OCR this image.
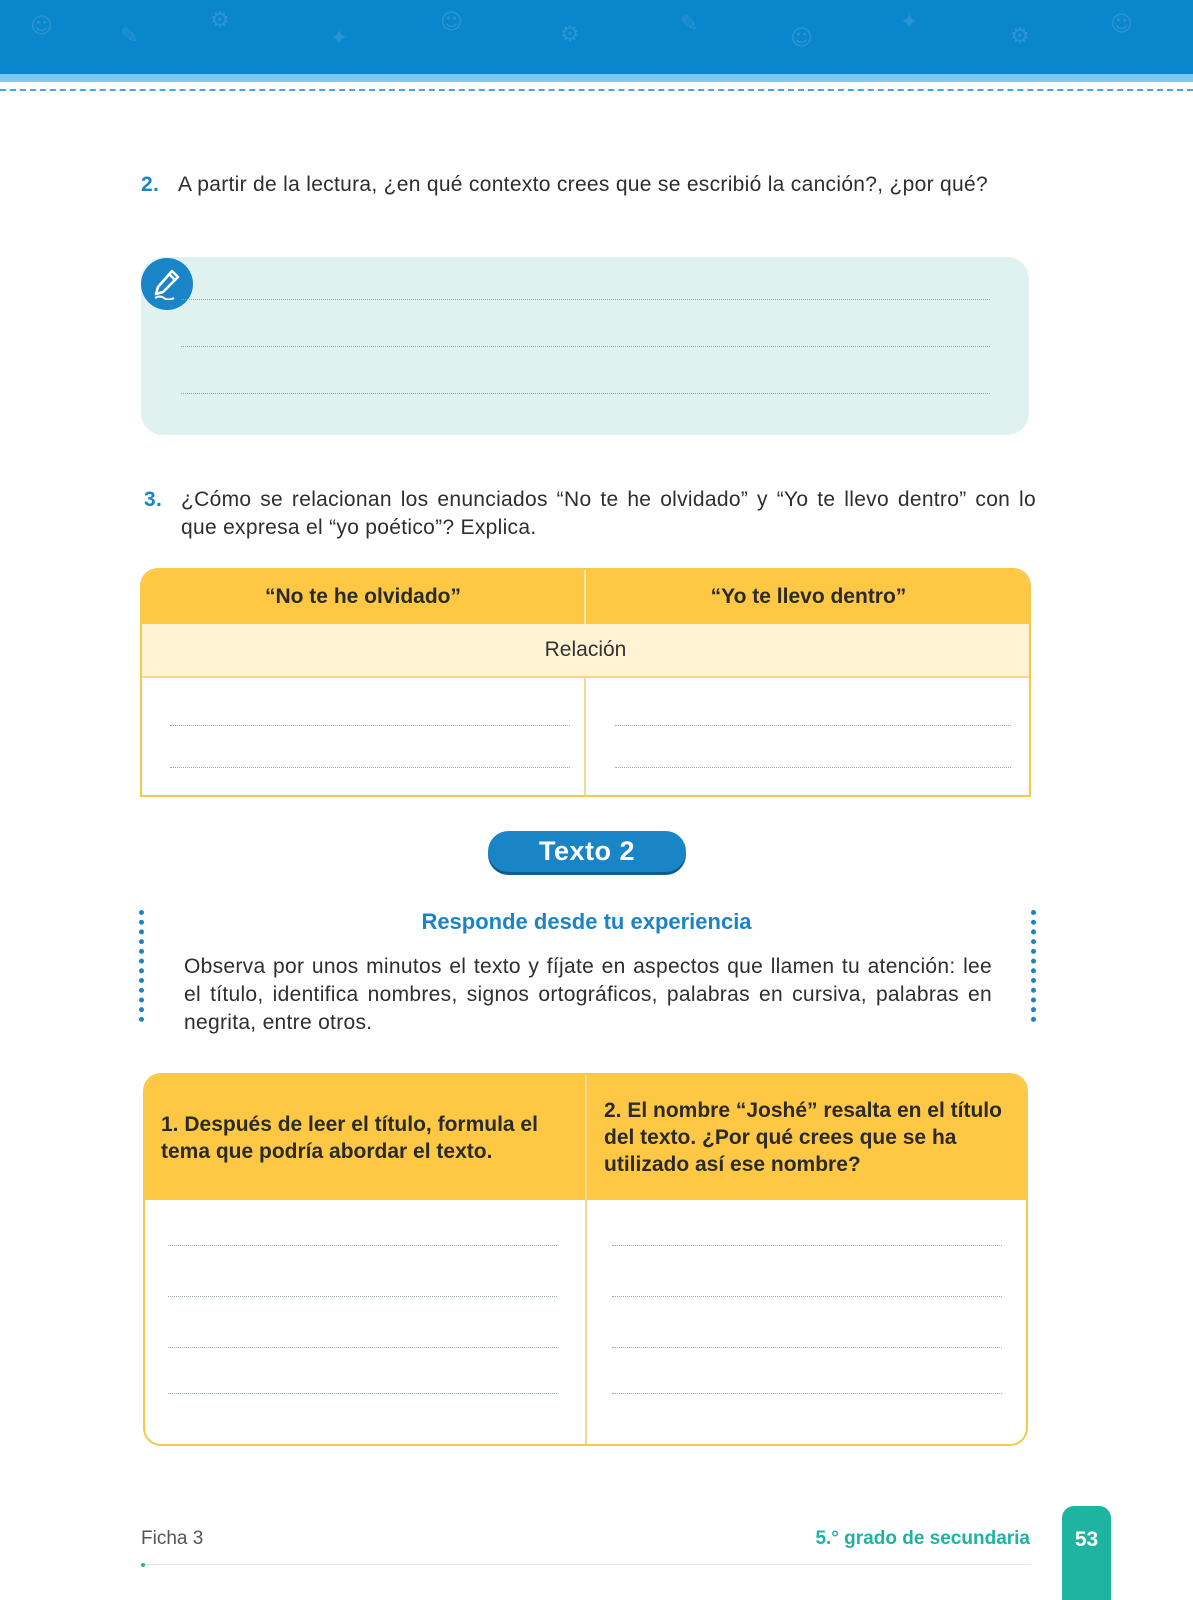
☺	✎
⚙
✦
☺	⚙	✎
☺
✦
⚙	☺
2. A partir de la lectura, ¿en qué contexto crees que se escribió la canción?, ¿por qué?
3. ¿Cómo se relacionan los enunciados “No te he olvidado” y “Yo te llevo dentro” con lo que expresa el “yo poético”? Explica.
“No te he olvidado”	“Yo te llevo dentro”
Relación
Texto 2
Responde desde tu experiencia
Observa por unos minutos el texto y fíjate en aspectos que llamen tu atención: lee el título, identifica nombres, signos ortográficos, palabras en cursiva, palabras en negrita, entre otros.
1. Después de leer el título, formula el tema que podría abordar el texto.
2. El nombre “Joshé” resalta en el título del texto. ¿Por qué crees que se ha utilizado así ese nombre?
Ficha 3	5.° grado de secundaria	53
